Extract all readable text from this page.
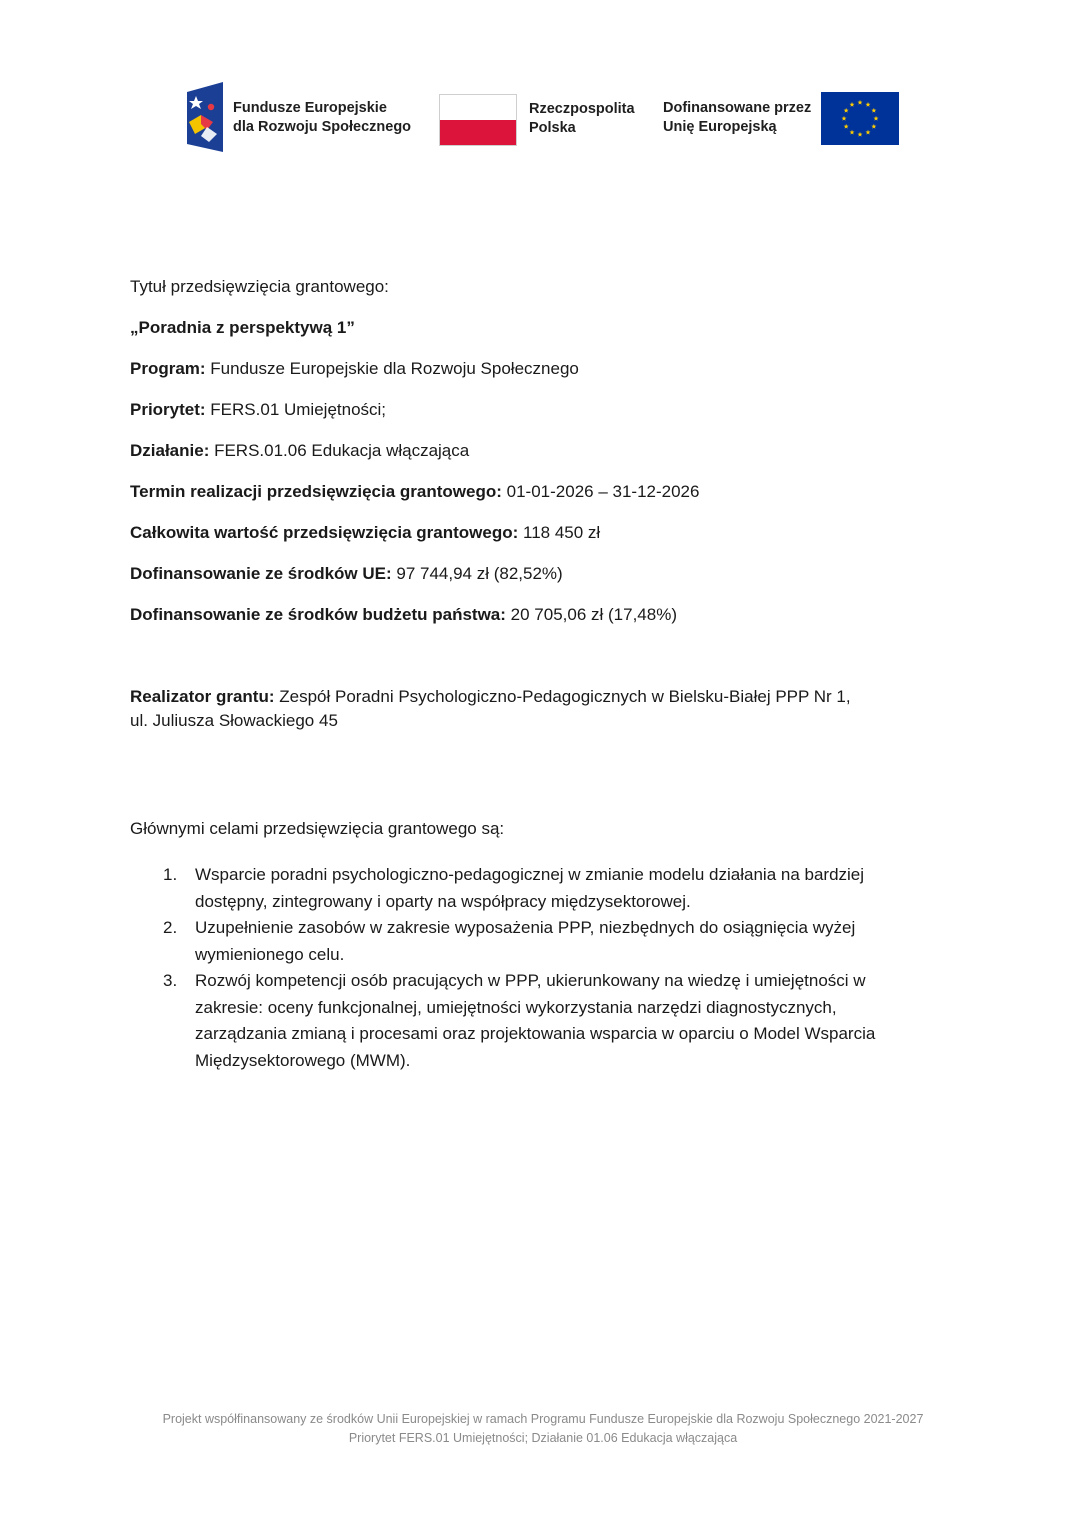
Fundusze Europejskie
dla Rozwoju Społecznego
Rzeczpospolita
Polska
Dofinansowane przez
Unię Europejską
Tytuł przedsięwzięcia grantowego:
„Poradnia z perspektywą 1”
Program: Fundusze Europejskie dla Rozwoju Społecznego
Priorytet: FERS.01 Umiejętności;
Działanie: FERS.01.06 Edukacja włączająca
Termin realizacji przedsięwzięcia grantowego: 01-01-2026 – 31-12-2026
Całkowita wartość przedsięwzięcia grantowego: 118 450 zł
Dofinansowanie ze środków UE: 97 744,94 zł (82,52%)
Dofinansowanie ze środków budżetu państwa: 20 705,06 zł (17,48%)
Realizator grantu: Zespół Poradni Psychologiczno-Pedagogicznych w Bielsku-Białej PPP Nr 1,
ul. Juliusza Słowackiego 45
Głównymi celami przedsięwzięcia grantowego są:
1. Wsparcie poradni psychologiczno-pedagogicznej w zmianie modelu działania na bardziej dostępny, zintegrowany i oparty na współpracy międzysektorowej.
2. Uzupełnienie zasobów w zakresie wyposażenia PPP, niezbędnych do osiągnięcia wyżej wymienionego celu.
3. Rozwój kompetencji osób pracujących w PPP, ukierunkowany na wiedzę i umiejętności w zakresie: oceny funkcjonalnej, umiejętności wykorzystania narzędzi diagnostycznych, zarządzania zmianą i procesami oraz projektowania wsparcia w oparciu o Model Wsparcia Międzysektorowego (MWM).
Projekt współfinansowany ze środków Unii Europejskiej w ramach Programu Fundusze Europejskie dla Rozwoju Społecznego 2021-2027
Priorytet FERS.01 Umiejętności; Działanie 01.06 Edukacja włączająca
